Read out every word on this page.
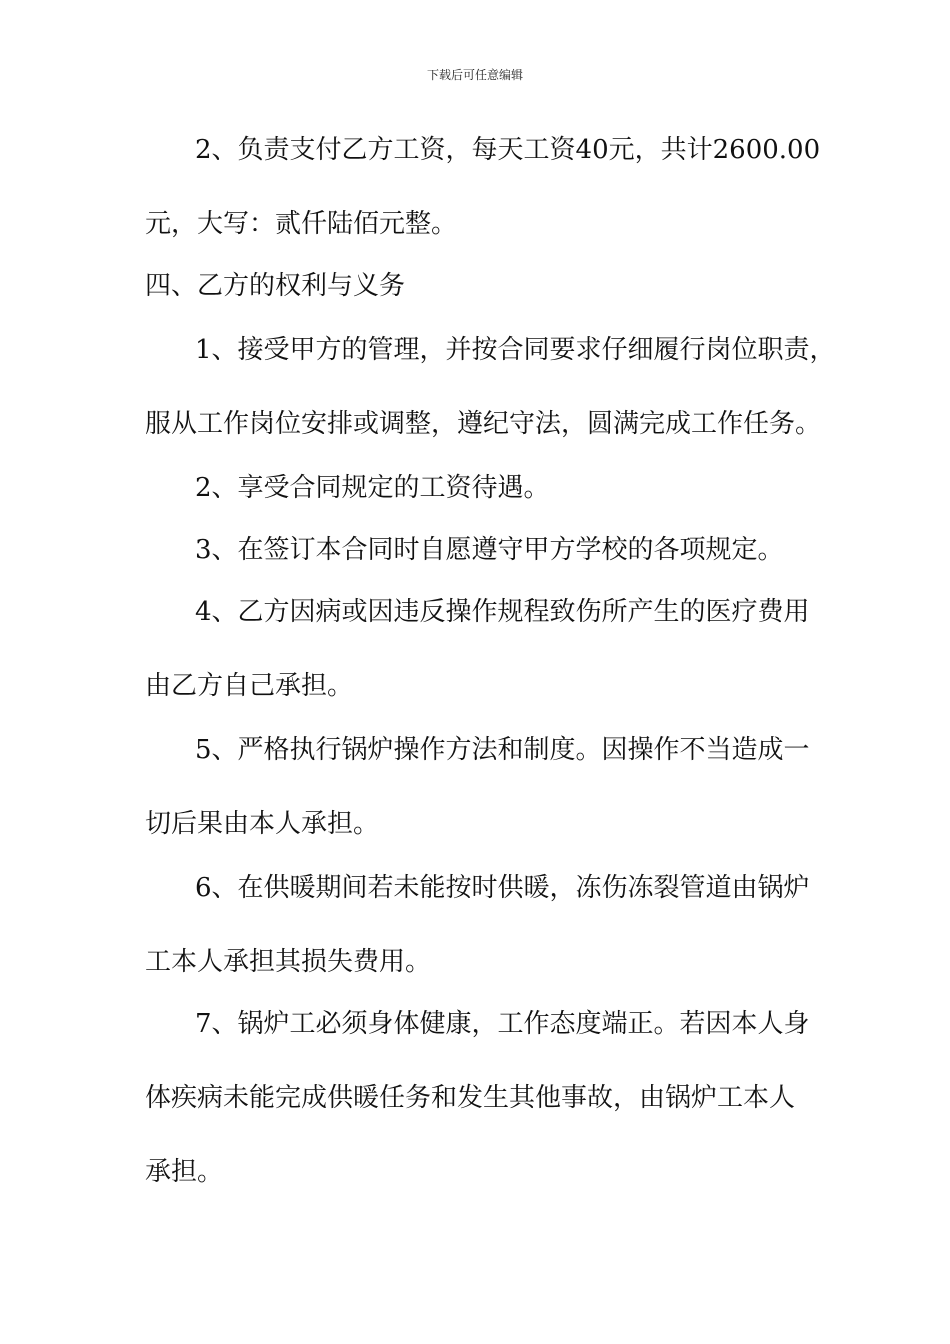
下载后可任意编辑
2、负责支付乙方工资，每天工资40元，共计2600.00
元，大写：贰仟陆佰元整。
四、乙方的权利与义务
1、接受甲方的管理，并按合同要求仔细履行岗位职责，
服从工作岗位安排或调整，遵纪守法，圆满完成工作任务。
2、享受合同规定的工资待遇。
3、在签订本合同时自愿遵守甲方学校的各项规定。
4、乙方因病或因违反操作规程致伤所产生的医疗费用
由乙方自己承担。
5、严格执行锅炉操作方法和制度。因操作不当造成一
切后果由本人承担。
6、在供暖期间若未能按时供暖，冻伤冻裂管道由锅炉
工本人承担其损失费用。
7、锅炉工必须身体健康，工作态度端正。若因本人身
体疾病未能完成供暖任务和发生其他事故，由锅炉工本人
承担。
